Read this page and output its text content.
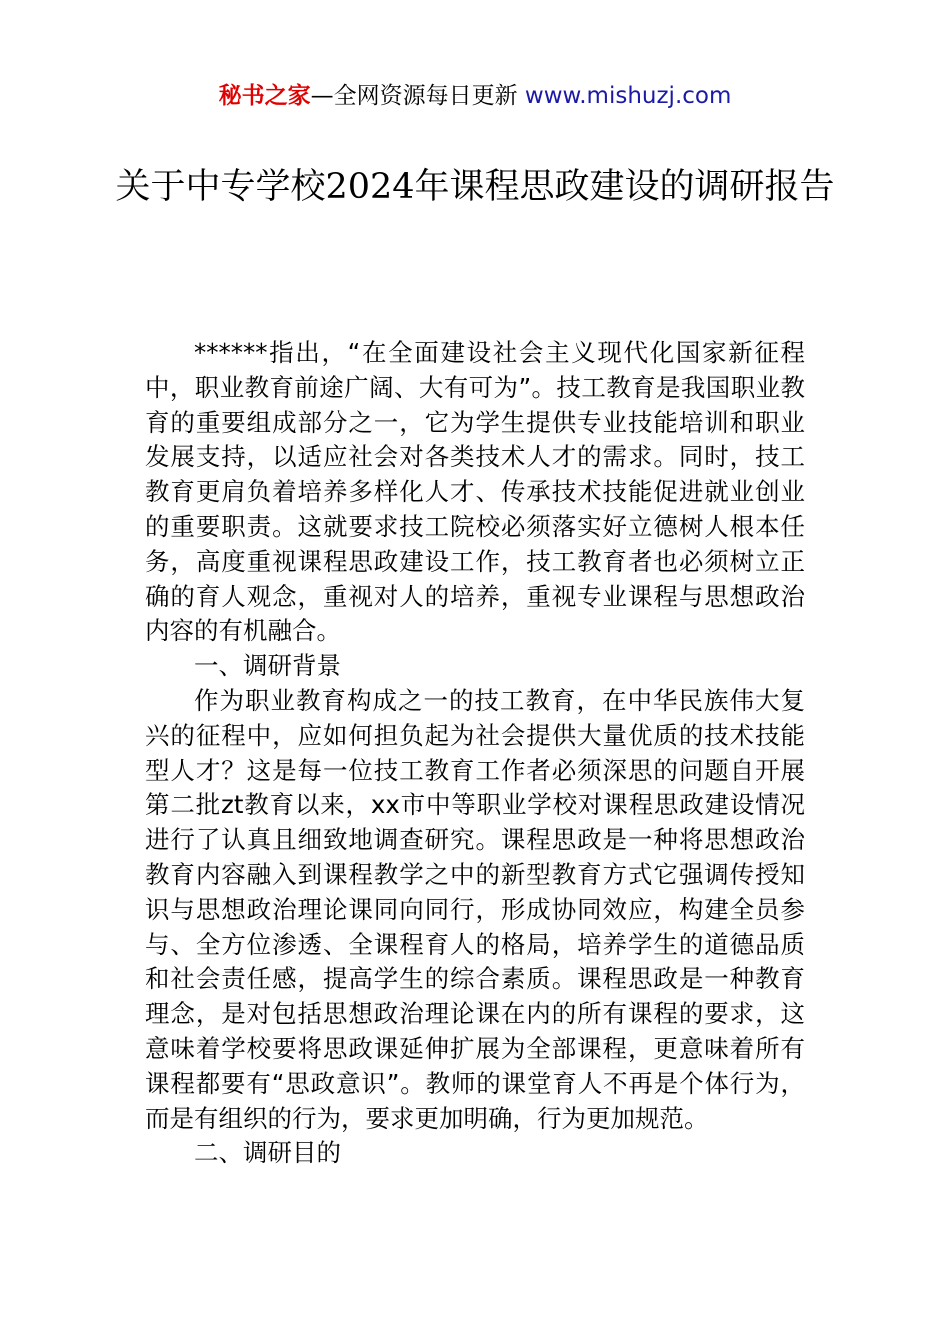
秘书之家—全网资源每日更新 www.mishuzj.com
关于中专学校2024年课程思政建设的调研报告

******指出，“在全面建设社会主义现代化国家新征程中，职业教育前途广阔、大有可为”。技工教育是我国职业教育的重要组成部分之一，它为学生提供专业技能培训和职业发展支持，以适应社会对各类技术人才的需求。同时，技工教育更肩负着培养多样化人才、传承技术技能促进就业创业的重要职责。这就要求技工院校必须落实好立德树人根本任务，高度重视课程思政建设工作，技工教育者也必须树立正确的育人观念，重视对人的培养，重视专业课程与思想政治内容的有机融合。

一、调研背景

作为职业教育构成之一的技工教育，在中华民族伟大复兴的征程中，应如何担负起为社会提供大量优质的技术技能型人才？这是每一位技工教育工作者必须深思的问题自开展第二批zt教育以来，xx市中等职业学校对课程思政建设情况进行了认真且细致地调查研究。课程思政是一种将思想政治教育内容融入到课程教学之中的新型教育方式它强调传授知识与思想政治理论课同向同行，形成协同效应，构建全员参与、全方位渗透、全课程育人的格局，培养学生的道德品质和社会责任感，提高学生的综合素质。课程思政是一种教育理念，是对包括思想政治理论课在内的所有课程的要求，这意味着学校要将思政课延伸扩展为全部课程，更意味着所有课程都要有“思政意识”。教师的课堂育人不再是个体行为，而是有组织的行为，要求更加明确，行为更加规范。

二、调研目的
